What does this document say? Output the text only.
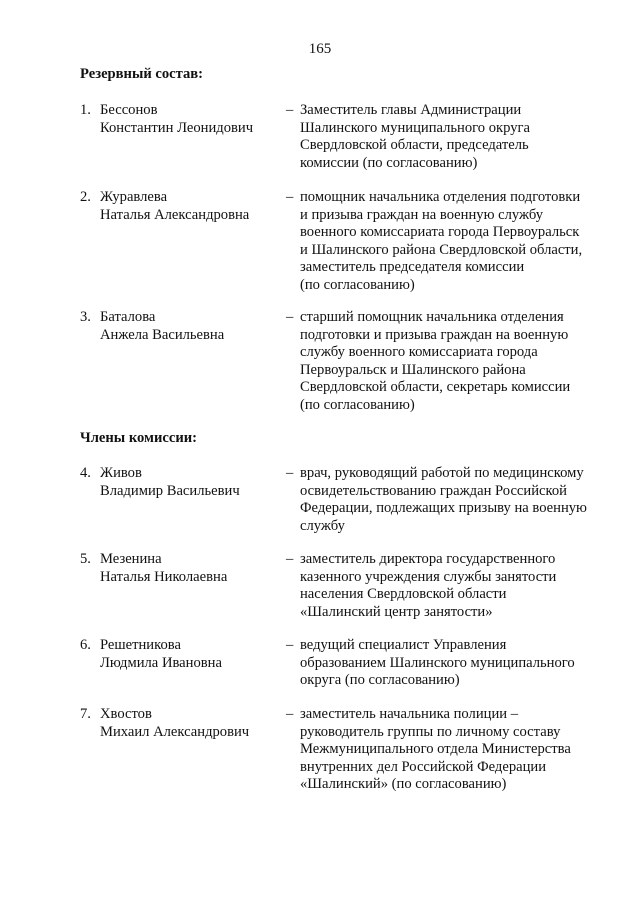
165
Резервный состав:
1. Бессонов
Константин Леонидович
– Заместитель главы Администрации
Шалинского муниципального округа
Свердловской области, председатель
комиссии (по согласованию)
2. Журавлева
Наталья Александровна
– помощник начальника отделения подготовки
и призыва граждан на военную службу
военного комиссариата города Первоуральск
и Шалинского района Свердловской области,
заместитель председателя комиссии
(по согласованию)
3. Баталова
Анжела Васильевна
– старший помощник начальника отделения
подготовки и призыва граждан на военную
службу военного комиссариата города
Первоуральск и Шалинского района
Свердловской области, секретарь комиссии
(по согласованию)
Члены комиссии:
4. Живов
Владимир Васильевич
– врач, руководящий работой по медицинскому
освидетельствованию граждан Российской
Федерации, подлежащих призыву на военную
службу
5. Мезенина
Наталья Николаевна
– заместитель директора государственного
казенного учреждения службы занятости
населения Свердловской области
«Шалинский центр занятости»
6. Решетникова
Людмила Ивановна
– ведущий специалист Управления
образованием Шалинского муниципального
округа (по согласованию)
7. Хвостов
Михаил Александрович
– заместитель начальника полиции –
руководитель группы по личному составу
Межмуниципального отдела Министерства
внутренних дел Российской Федерации
«Шалинский» (по согласованию)
